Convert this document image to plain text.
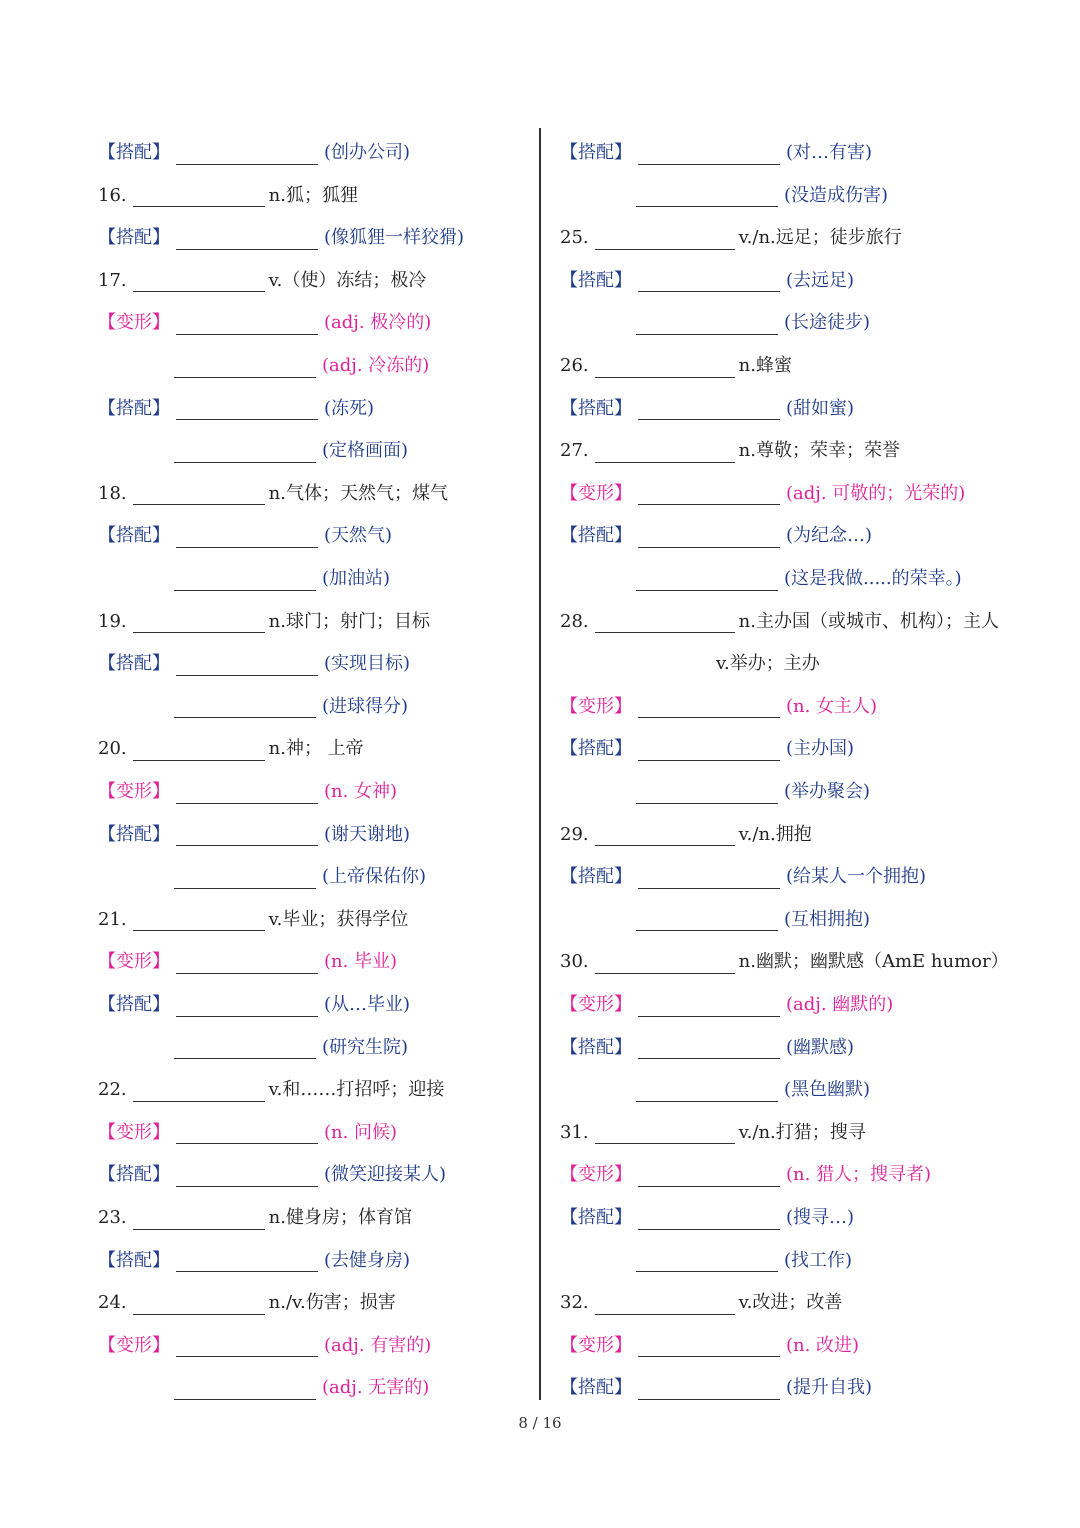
【搭配】	(创办公司)
16.	n.狐；狐狸
【搭配】	(像狐狸一样狡猾)
17.	v.（使）冻结；极冷
【变形】	(adj. 极冷的)
(adj. 冷冻的)
【搭配】	(冻死)
(定格画面)
18.	n.气体；天然气；煤气
【搭配】	(天然气)
(加油站)
19.	n.球门；射门；目标
【搭配】	(实现目标)
(进球得分)
20.	n.神； 上帝
【变形】	(n. 女神)
【搭配】	(谢天谢地)
(上帝保佑你)
21.	v.毕业；获得学位
【变形】	(n. 毕业)
【搭配】	(从…毕业)
(研究生院)
22.	v.和……打招呼；迎接
【变形】	(n. 问候)
【搭配】	(微笑迎接某人)
23.	n.健身房；体育馆
【搭配】	(去健身房)
24.	n./v.伤害；损害
【变形】	(adj. 有害的)
(adj. 无害的)
【搭配】	(对…有害)
(没造成伤害)
25.	v./n.远足；徒步旅行
【搭配】	(去远足)
(长途徒步)
26.	n.蜂蜜
【搭配】	(甜如蜜)
27.	n.尊敬；荣幸；荣誉
【变形】	(adj. 可敬的；光荣的)
【搭配】	(为纪念…)
(这是我做.....的荣幸。)
28.	n.主办国（或城市、机构）；主人
v.举办；主办
【变形】	(n. 女主人)
【搭配】	(主办国)
(举办聚会)
29.	v./n.拥抱
【搭配】	(给某人一个拥抱)
(互相拥抱)
30.	n.幽默；幽默感（AmE humor）
【变形】	(adj. 幽默的)
【搭配】	(幽默感)
(黑色幽默)
31.	v./n.打猎；搜寻
【变形】	(n. 猎人；搜寻者)
【搭配】	(搜寻…)
(找工作)
32.	v.改进；改善
【变形】	(n. 改进)
【搭配】	(提升自我)
8 / 16
